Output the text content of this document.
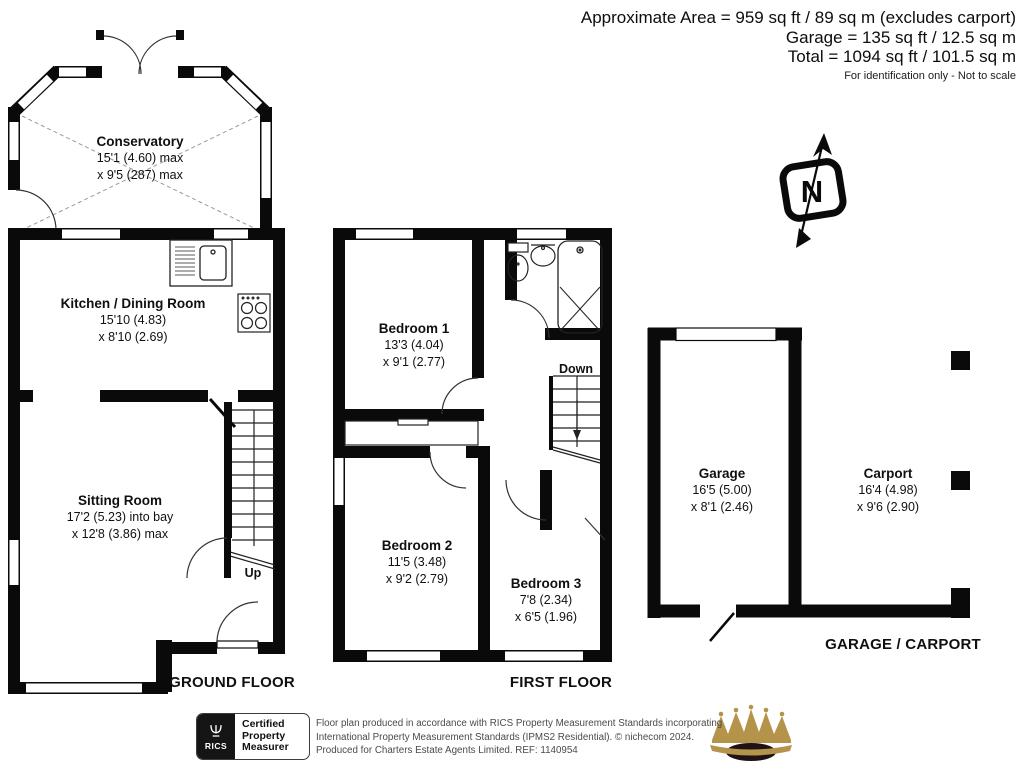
N
Approximate Area = 959 sq ft / 89 sq m (excludes carport)
Garage = 135 sq ft / 12.5 sq m
Total = 1094 sq ft / 101.5 sq m
For identification only - Not to scale
Conservatory
15'1 (4.60) max
x 9'5 (287) max
Kitchen / Dining Room
15'10 (4.83)
x 8'10 (2.69)
Sitting Room
17'2 (5.23) into bay
x 12'8 (3.86) max
Bedroom 1
13'3 (4.04)
x 9'1 (2.77)
Bedroom 2
11'5 (3.48)
x 9'2 (2.79)	Bedroom 3
7'8 (2.34)
x 6'5 (1.96)
Garage
16'5 (5.00)
x 8'1 (2.46)
Carport
16'4 (4.98)
x 9'6 (2.90)
Up
Down
GROUND FLOOR	FIRST FLOOR
GARAGE / CARPORT
RICS
Certified
Property
Measurer
Floor plan produced in accordance with RICS Property Measurement Standards incorporating
International Property Measurement Standards (IPMS2 Residential). © nichecom 2024.
Produced for Charters Estate Agents Limited. REF: 1140954
